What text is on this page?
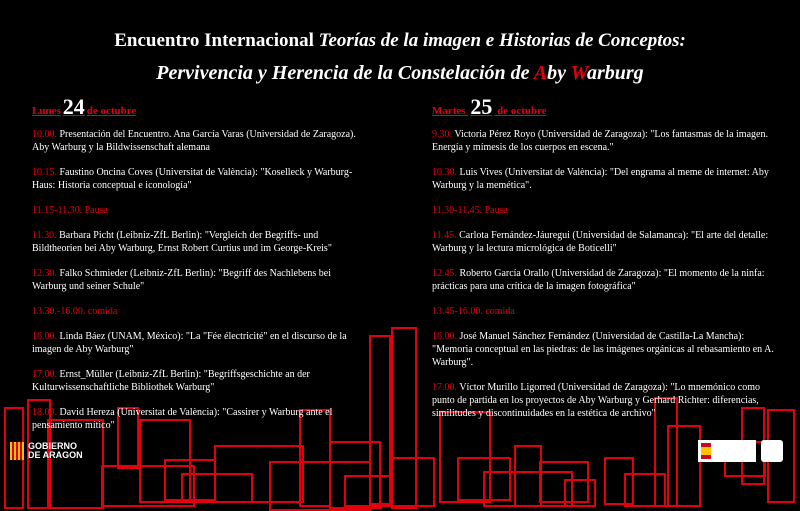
Encuentro Internacional Teorías de la imagen e Historias de Conceptos:
Pervivencia y Herencia de la Constelación de Aby Warburg
Lunes24 de octubre
10.00. Presentación del Encuentro. Ana García Varas (Universidad de Zaragoza). Aby Warburg y la Bildwissenschaft alemana
10.15. Faustino Oncina Coves (Universitat de València): "Koselleck y Warburg-Haus: Historia conceptual e iconología"
11.15-11.30. Pausa
11.30. Barbara Picht (Leibniz-ZfL Berlin): "Vergleich der Begriffs- und Bildtheorien bei Aby Warburg, Ernst Robert Curtius und im George-Kreis"
12.30. Falko Schmieder (Leibniz-ZfL Berlin): "Begriff des Nachlebens bei Warburg und seiner Schule"
13.30.-16.00. comida
16.00. Linda Báez (UNAM, México): "La "Fée électricité" en el discurso de la imagen de Aby Warburg"
17.00. Ernst_Müller (Leibniz-ZfL Berlin): "Begriffsgeschichte an der Kulturwissenschaftliche Bibliothek Warburg"
18.00. David Hereza (Universitat de València): "Cassirer y Warburg ante el pensamiento mítico"
Martes 25 de octubre
9.30. Victoria Pérez Royo (Universidad de Zaragoza): "Los fantasmas de la imagen. Energía y mímesis de los cuerpos en escena."
10.30. Luis Vives (Universitat de València): "Del engrama al meme de internet: Aby Warburg y la memética".
11.30-11.45. Pausa
11.45. Carlota Fernández-Jáuregui (Universidad de Salamanca): "El arte del detalle: Warburg y la lectura micrológica de Boticelli"
12.45. Roberto García Orallo (Universidad de Zaragoza): "El momento de la ninfa: prácticas para una crítica de la imagen fotográfica"
13.45-16.00. comida
16.00. José Manuel Sánchez Fernández (Universidad de Castilla-La Mancha): "Memoria conceptual en las piedras: de las imágenes orgánicas al rebasamiento en A. Warburg".
17.00. Víctor Murillo Ligorred (Universidad de Zaragoza): "Lo mnemónico como punto de partida en los proyectos de Aby Warburg y Gerhard Richter: diferencias, similitudes y discontinuidades en la estética de archivo"
GOBIERNO
DE ARAGON
